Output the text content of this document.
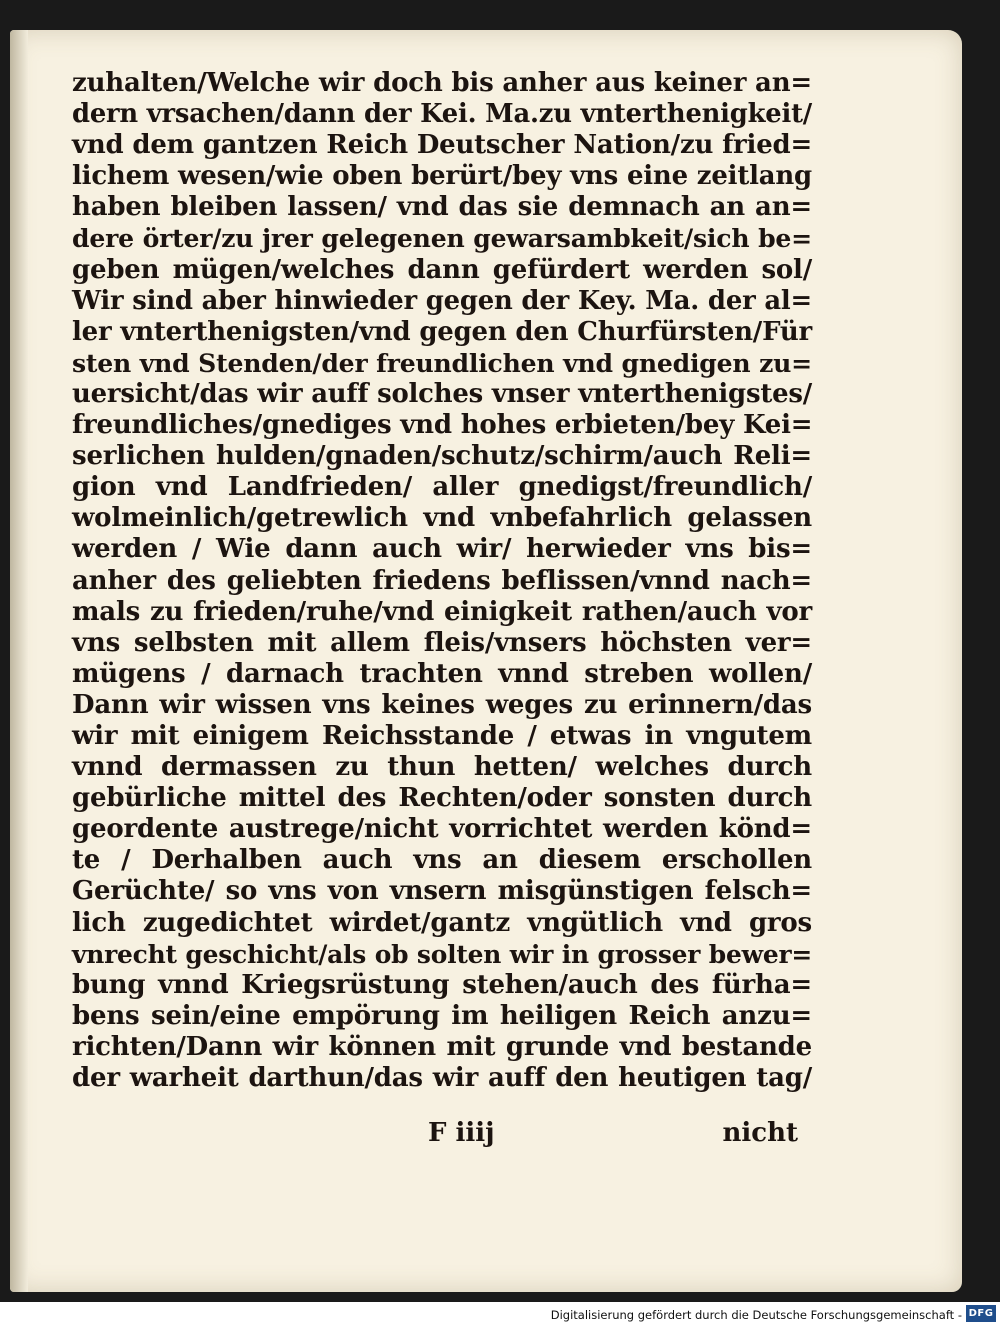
zuhalten/Welche wir doch bis anher aus keiner an=
dern vrsachen/dann der Kei. Ma.zu vnterthenigkeit/
vnd dem gantzen Reich Deutscher Nation/zu fried=
lichem wesen/wie oben berürt/bey vns eine zeitlang
haben bleiben lassen/ vnd das sie demnach an an=
dere örter/zu jrer gelegenen gewarsambkeit/sich be=
geben mügen/welches dann gefürdert werden sol/
Wir sind aber hinwieder gegen der Key. Ma. der al=
ler vnterthenigsten/vnd gegen den Churfürsten/Für
sten vnd Stenden/der freundlichen vnd gnedigen zu=
uersicht/das wir auff solches vnser vnterthenigstes/
freundliches/gnediges vnd hohes erbieten/bey Kei=
serlichen hulden/gnaden/schutz/schirm/auch Reli=
gion vnd Landfrieden/ aller gnedigst/freundlich/
wolmeinlich/getrewlich vnd vnbefahrlich gelassen
werden / Wie dann auch wir/ herwieder vns bis=
anher des geliebten friedens beflissen/vnnd nach=
mals zu frieden/ruhe/vnd einigkeit rathen/auch vor
vns selbsten mit allem fleis/vnsers höchsten ver=
mügens / darnach trachten vnnd streben wollen/
Dann wir wissen vns keines weges zu erinnern/das
wir mit einigem Reichsstande / etwas in vngutem
vnnd dermassen zu thun hetten/ welches durch
gebürliche mittel des Rechten/oder sonsten durch
geordente austrege/nicht vorrichtet werden könd=
te / Derhalben auch vns an diesem erschollen
Gerüchte/ so vns von vnsern misgünstigen felsch=
lich zugedichtet wirdet/gantz vngütlich vnd gros
vnrecht geschicht/als ob solten wir in grosser bewer=
bung vnnd Kriegsrüstung stehen/auch des fürha=
bens sein/eine empörung im heiligen Reich anzu=
richten/Dann wir können mit grunde vnd bestande
der warheit darthun/das wir auff den heutigen tag/
F iiij	nicht
Digitalisierung gefördert durch die Deutsche Forschungsgemeinschaft - DFG
